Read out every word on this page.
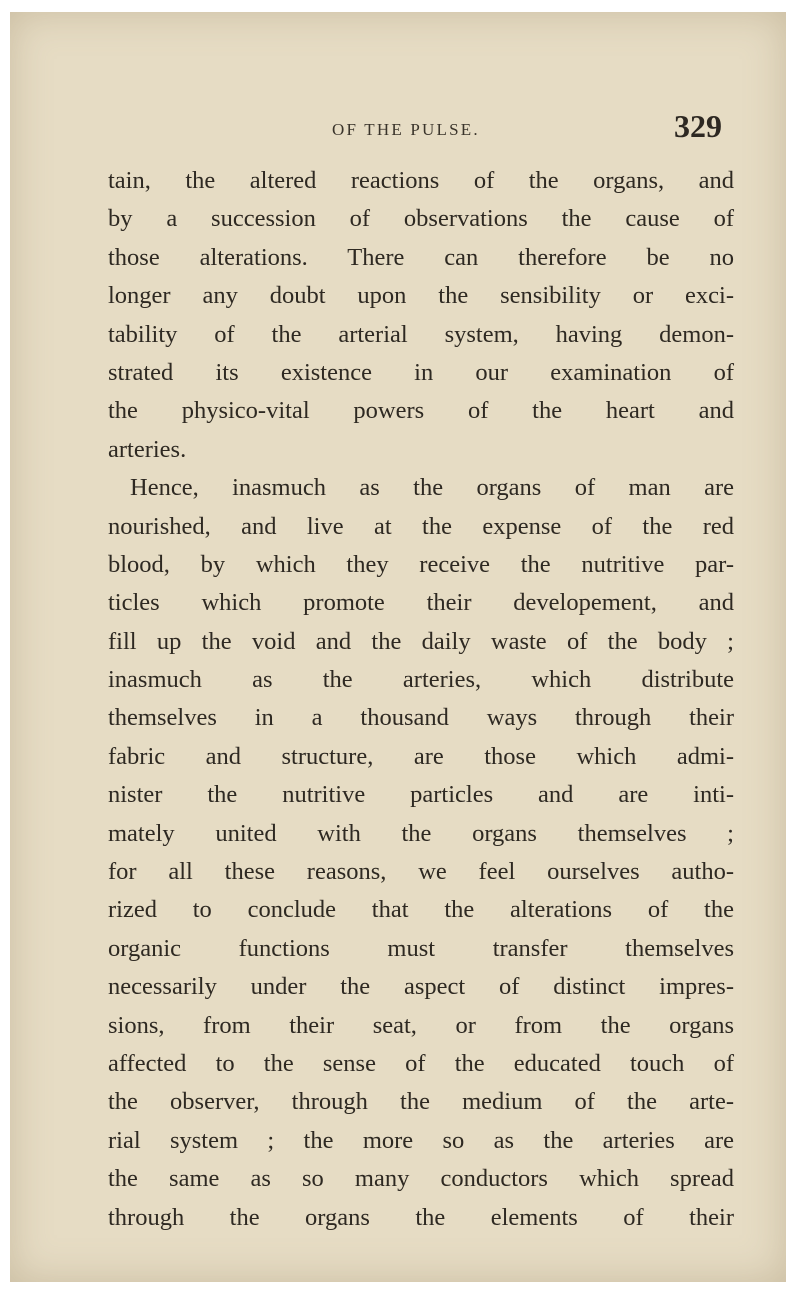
OF THE PULSE.	329
tain, the altered reactions of the organs, and
by a succession of observations the cause of
those alterations. There can therefore be no
longer any doubt upon the sensibility or exci-
tability of the arterial system, having demon-
strated its existence in our examination of
the physico-vital powers of the heart and
arteries.
Hence, inasmuch as the organs of man are
nourished, and live at the expense of the red
blood, by which they receive the nutritive par-
ticles which promote their developement, and
fill up the void and the daily waste of the body ;
inasmuch as the arteries, which distribute
themselves in a thousand ways through their
fabric and structure, are those which admi-
nister the nutritive particles and are inti-
mately united with the organs themselves ;
for all these reasons, we feel ourselves autho-
rized to conclude that the alterations of the
organic functions must transfer themselves
necessarily under the aspect of distinct impres-
sions, from their seat, or from the organs
affected to the sense of the educated touch of
the observer, through the medium of the arte-
rial system ; the more so as the arteries are
the same as so many conductors which spread
through the organs the elements of their
